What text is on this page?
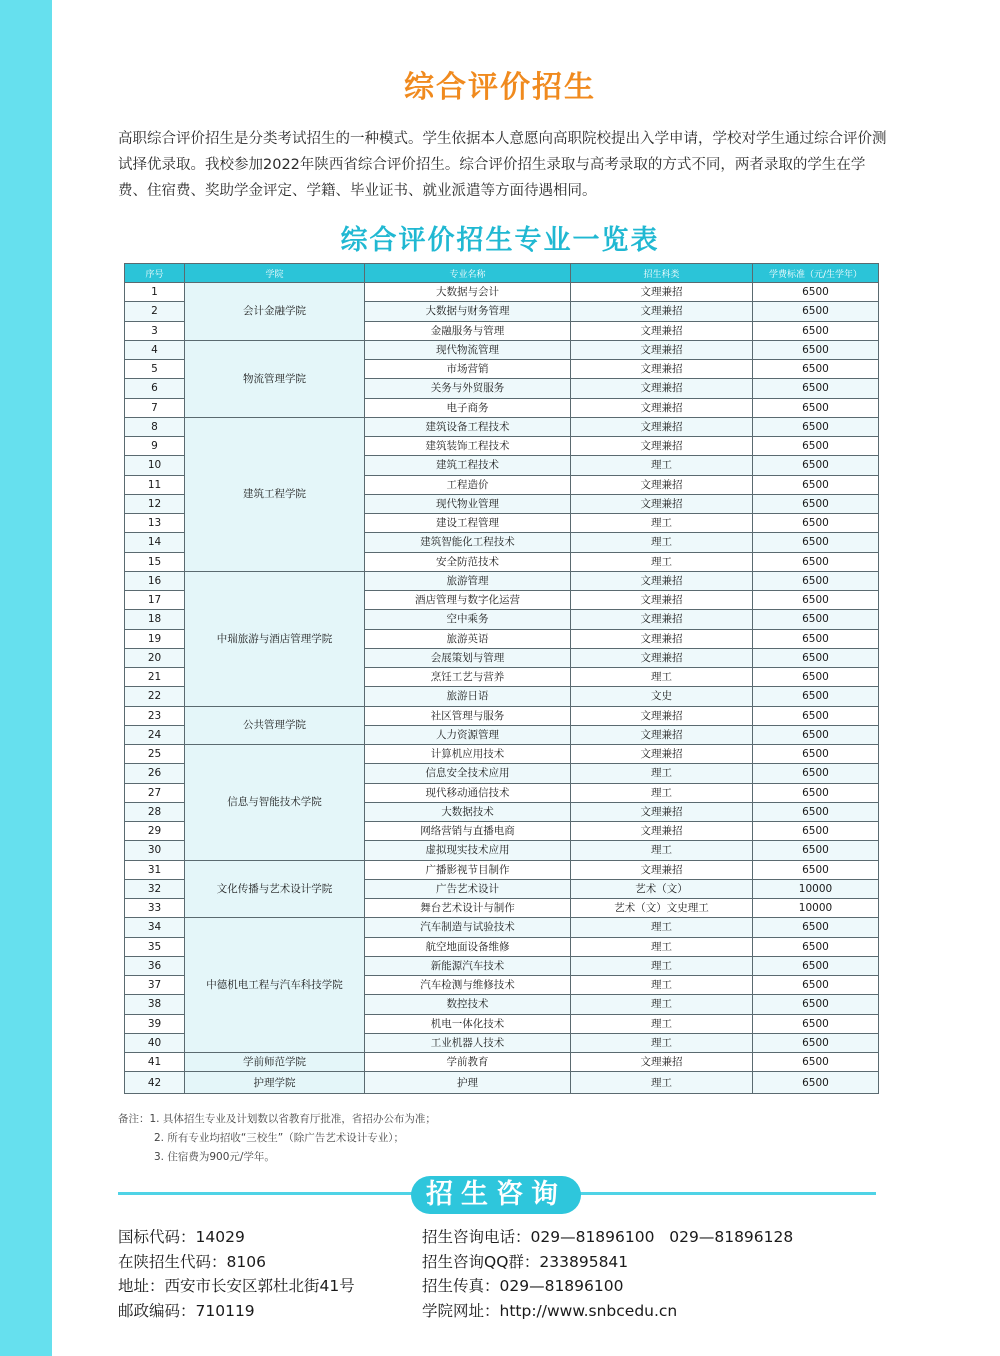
综合评价招生

高职综合评价招生是分类考试招生的一种模式。学生依据本人意愿向高职院校提出入学申请，学校对学生通过综合评价测试择优录取。我校参加2022年陕西省综合评价招生。综合评价招生录取与高考录取的方式不同，两者录取的学生在学费、住宿费、奖助学金评定、学籍、毕业证书、就业派遣等方面待遇相同。

综合评价招生专业一览表
序号	学院	专业名称	招生科类	学费标准（元/生学年）
1	会计金融学院	大数据与会计	文理兼招	6500
2		大数据与财务管理	文理兼招	6500
3		金融服务与管理	文理兼招	6500
4	物流管理学院	现代物流管理	文理兼招	6500
5		市场营销	文理兼招	6500
6		关务与外贸服务	文理兼招	6500
7		电子商务	文理兼招	6500
8	建筑工程学院	建筑设备工程技术	文理兼招	6500
9		建筑装饰工程技术	文理兼招	6500
10		建筑工程技术	理工	6500
11		工程造价	文理兼招	6500
12		现代物业管理	文理兼招	6500
13		建设工程管理	理工	6500
14		建筑智能化工程技术	理工	6500
15		安全防范技术	理工	6500
16	中瑞旅游与酒店管理学院	旅游管理	文理兼招	6500
17		酒店管理与数字化运营	文理兼招	6500
18		空中乘务	文理兼招	6500
19		旅游英语	文理兼招	6500
20		会展策划与管理	文理兼招	6500
21		烹饪工艺与营养	理工	6500
22		旅游日语	文史	6500
23	公共管理学院	社区管理与服务	文理兼招	6500
24		人力资源管理	文理兼招	6500
25	信息与智能技术学院	计算机应用技术	文理兼招	6500
26		信息安全技术应用	理工	6500
27		现代移动通信技术	理工	6500
28		大数据技术	文理兼招	6500
29		网络营销与直播电商	文理兼招	6500
30		虚拟现实技术应用	理工	6500
31	文化传播与艺术设计学院	广播影视节目制作	文理兼招	6500
32		广告艺术设计	艺术（文）	10000
33		舞台艺术设计与制作	艺术（文）文史理工	10000
34	中德机电工程与汽车科技学院	汽车制造与试验技术	理工	6500
35		航空地面设备维修	理工	6500
36		新能源汽车技术	理工	6500
37		汽车检测与维修技术	理工	6500
38		数控技术	理工	6500
39		机电一体化技术	理工	6500
40		工业机器人技术	理工	6500
41	学前师范学院	学前教育	文理兼招	6500
42	护理学院	护理	理工	6500
备注：1. 具体招生专业及计划数以省教育厅批准，省招办公布为准；
2. 所有专业均招收“三校生”（除广告艺术设计专业）；
3. 住宿费为900元/学年。
招生咨询
国标代码：14029
在陕招生代码：8106
地址：西安市长安区郭杜北街41号
邮政编码：710119
招生咨询电话：029—81896100   029—81896128
招生咨询QQ群：233895841
招生传真：029—81896100
学院网址：http://www.snbcedu.cn
